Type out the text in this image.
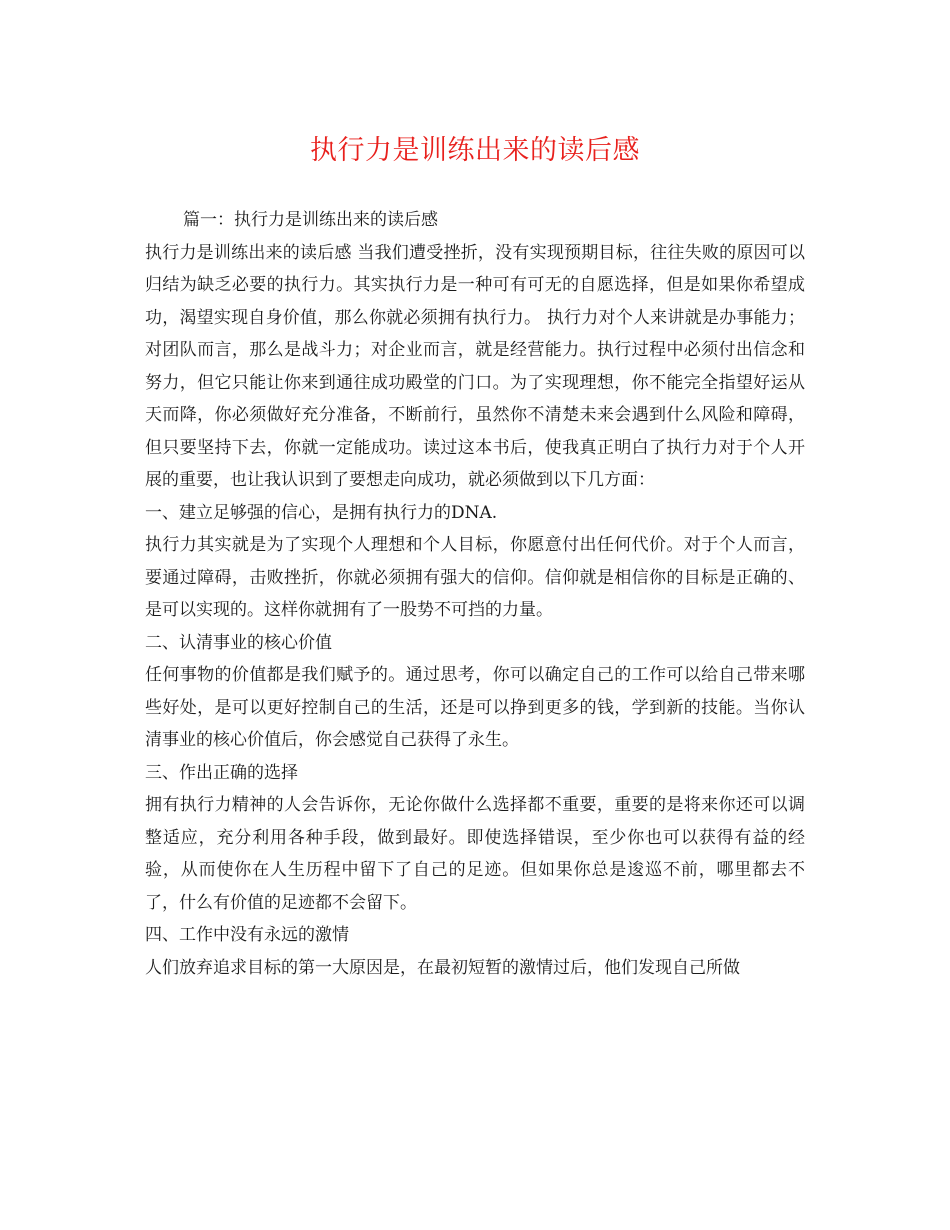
执行力是训练出来的读后感

篇一：执行力是训练出来的读后感

执行力是训练出来的读后感 当我们遭受挫折，没有实现预期目标，往往失败的原因可以归结为缺乏必要的执行力。其实执行力是一种可有可无的自愿选择，但是如果你希望成功，渴望实现自身价值，那么你就必须拥有执行力。 执行力对个人来讲就是办事能力；对团队而言，那么是战斗力；对企业而言，就是经营能力。执行过程中必须付出信念和努力，但它只能让你来到通往成功殿堂的门口。为了实现理想，你不能完全指望好运从天而降，你必须做好充分准备，不断前行，虽然你不清楚未来会遇到什么风险和障碍，但只要坚持下去，你就一定能成功。读过这本书后，使我真正明白了执行力对于个人开展的重要，也让我认识到了要想走向成功，就必须做到以下几方面：

一、建立足够强的信心，是拥有执行力的DNA.

执行力其实就是为了实现个人理想和个人目标，你愿意付出任何代价。对于个人而言，要通过障碍，击败挫折，你就必须拥有强大的信仰。信仰就是相信你的目标是正确的、是可以实现的。这样你就拥有了一股势不可挡的力量。

二、认清事业的核心价值

任何事物的价值都是我们赋予的。通过思考，你可以确定自己的工作可以给自己带来哪些好处，是可以更好控制自己的生活，还是可以挣到更多的钱，学到新的技能。当你认清事业的核心价值后，你会感觉自己获得了永生。

三、作出正确的选择

拥有执行力精神的人会告诉你，无论你做什么选择都不重要，重要的是将来你还可以调整适应，充分利用各种手段，做到最好。即使选择错误，至少你也可以获得有益的经验，从而使你在人生历程中留下了自己的足迹。但如果你总是逡巡不前，哪里都去不了，什么有价值的足迹都不会留下。

四、工作中没有永远的激情

人们放弃追求目标的第一大原因是，在最初短暂的激情过后，他们发现自己所做
